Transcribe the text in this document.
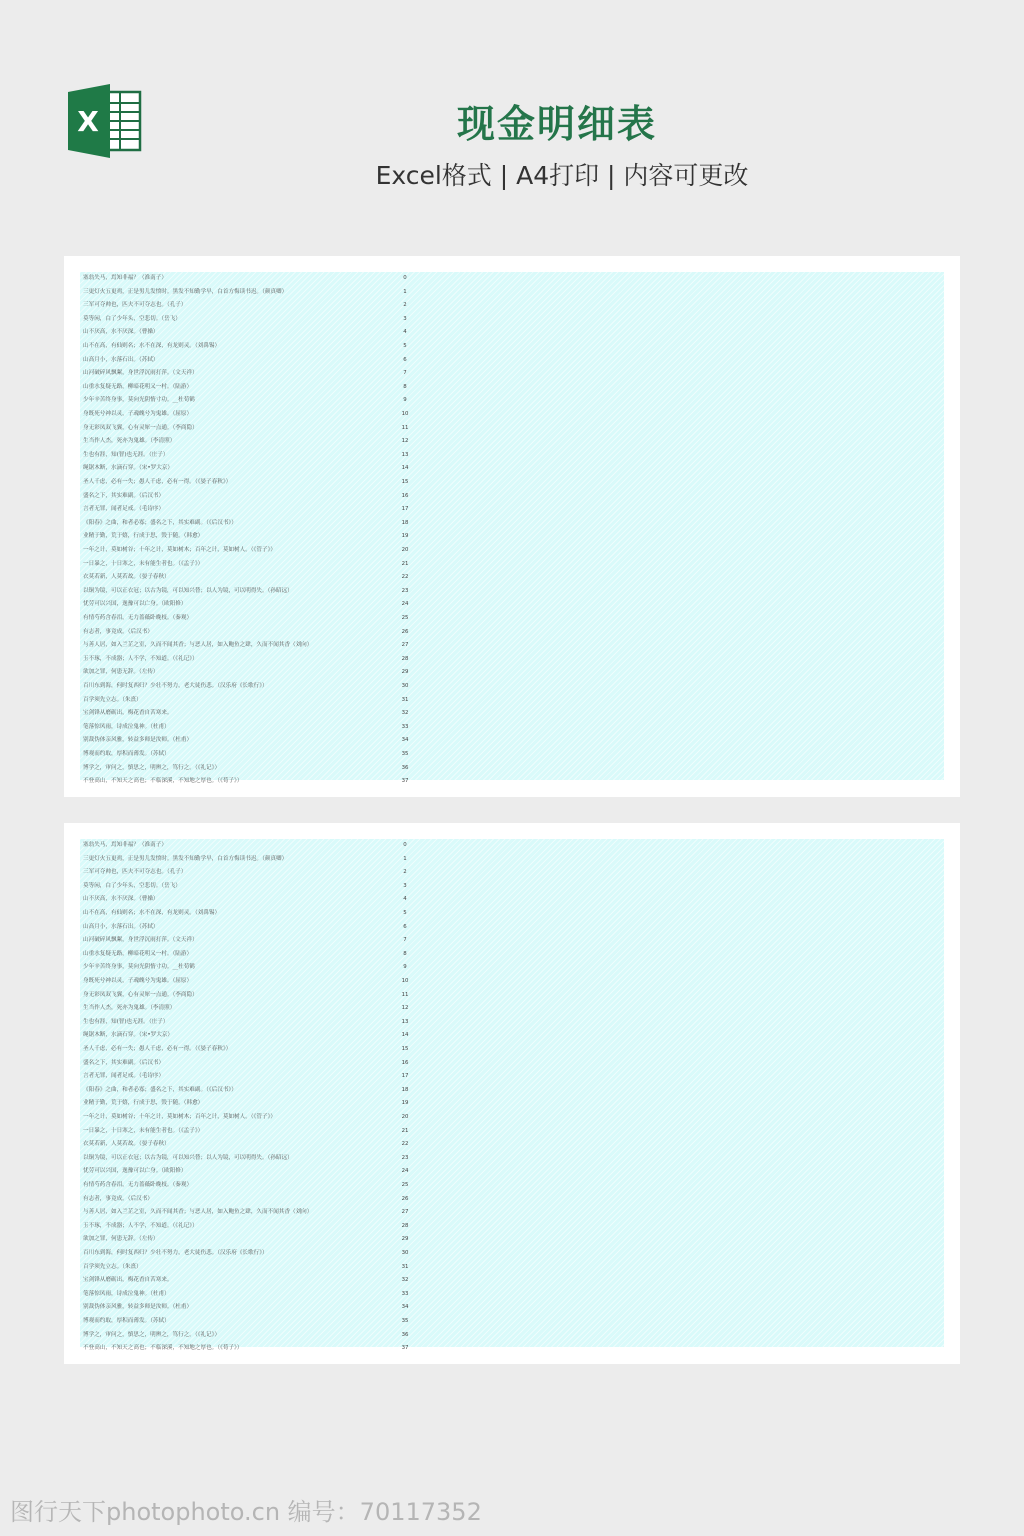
X	现金明细表
Excel格式 | A4打印 | 内容可更改
塞翁失马，焉知非福？（淮南子）	0
三更灯火五更鸡，正是男儿发愤时。黑发不知勤学早，白首方悔读书迟。（颜真卿）	1
三军可夺帅也，匹夫不可夺志也。（孔子）	2
莫等闲，白了少年头，空悲切。（岳飞）	3
山不厌高，水不厌深。（曹操）	4
山不在高，有仙则名；水不在深，有龙则灵。（刘禹锡）	5
山高月小，水落石出。（苏轼）	6
山河破碎风飘絮，身世浮沉雨打萍。（文天祥）	7
山重水复疑无路，柳暗花明又一村。（陆游）	8
少年辛苦终身事，莫向光阴惰寸功。__杜荀鹤	9
身既死兮神以灵，子魂魄兮为鬼雄。（屈原）	10
身无彩凤双飞翼，心有灵犀一点通。（李商隐）	11
生当作人杰，死亦为鬼雄。（李清照）	12
生也有涯，知(智)也无涯。（庄子）	13
绳锯木断，水滴石穿。（宋•罗大京）	14
圣人千虑，必有一失；愚人千虑，必有一得。（《晏子春秋》）	15
盛名之下，其实难副。（后汉书）	16
言者无罪，闻者足戒。（毛诗序）	17
《阳春》之曲，和者必寡；盛名之下，其实难副。（《后汉书》）	18
业精于勤，荒于嬉，行成于思，毁于随。（韩愈）	19
一年之计，莫如树谷；十年之计，莫如树木；百年之计，莫如树人。（《管子》）	20
一日暴之，十日寒之，未有能生者也。（《孟子》）	21
衣莫若新，人莫若故。（晏子春秋）	22
以铜为镜，可以正衣冠；以古为镜，可以知兴替；以人为镜，可以明得失。（孙昭远）	23
忧劳可以兴国，逸豫可以亡身。（欧阳修）	24
有情芍药含春泪，无力蔷薇卧晚枝。（秦观）	25
有志者，事竟成。（后汉书）	26
与善人居，如入兰芷之室，久而不闻其香；与恶人居，如入鲍鱼之肆，久而不闻其香（刘向）	27
玉不琢，不成器；人不学，不知道。（《礼记》）	28
欲加之罪，何患无辞。（左传）	29
百川东到海，何时复西归？少壮不努力，老大徒伤悲。（汉乐府《长歌行》）	30
百学须先立志。（朱熹）	31
宝剑锋从磨砺出，梅花香自苦寒来。	32
笔落惊风雨，诗成泣鬼神。（杜甫）	33
别裁伪体亲风雅，转益多师是汝师。（杜甫）	34
博观而约取，厚积而薄发。（苏轼）	35
博学之，审问之，慎思之，明辨之，笃行之。（《礼记》）	36
不登高山，不知天之高也；不临深溪，不知地之厚也。（《荀子》）	37
塞翁失马，焉知非福？（淮南子）	0
三更灯火五更鸡，正是男儿发愤时。黑发不知勤学早，白首方悔读书迟。（颜真卿）	1
三军可夺帅也，匹夫不可夺志也。（孔子）	2
莫等闲，白了少年头，空悲切。（岳飞）	3
山不厌高，水不厌深。（曹操）	4
山不在高，有仙则名；水不在深，有龙则灵。（刘禹锡）	5
山高月小，水落石出。（苏轼）	6
山河破碎风飘絮，身世浮沉雨打萍。（文天祥）	7
山重水复疑无路，柳暗花明又一村。（陆游）	8
少年辛苦终身事，莫向光阴惰寸功。__杜荀鹤	9
身既死兮神以灵，子魂魄兮为鬼雄。（屈原）	10
身无彩凤双飞翼，心有灵犀一点通。（李商隐）	11
生当作人杰，死亦为鬼雄。（李清照）	12
生也有涯，知(智)也无涯。（庄子）	13
绳锯木断，水滴石穿。（宋•罗大京）	14
圣人千虑，必有一失；愚人千虑，必有一得。（《晏子春秋》）	15
盛名之下，其实难副。（后汉书）	16
言者无罪，闻者足戒。（毛诗序）	17
《阳春》之曲，和者必寡；盛名之下，其实难副。（《后汉书》）	18
业精于勤，荒于嬉，行成于思，毁于随。（韩愈）	19
一年之计，莫如树谷；十年之计，莫如树木；百年之计，莫如树人。（《管子》）	20
一日暴之，十日寒之，未有能生者也。（《孟子》）	21
衣莫若新，人莫若故。（晏子春秋）	22
以铜为镜，可以正衣冠；以古为镜，可以知兴替；以人为镜，可以明得失。（孙昭远）	23
忧劳可以兴国，逸豫可以亡身。（欧阳修）	24
有情芍药含春泪，无力蔷薇卧晚枝。（秦观）	25
有志者，事竟成。（后汉书）	26
与善人居，如入兰芷之室，久而不闻其香；与恶人居，如入鲍鱼之肆，久而不闻其香（刘向）	27
玉不琢，不成器；人不学，不知道。（《礼记》）	28
欲加之罪，何患无辞。（左传）	29
百川东到海，何时复西归？少壮不努力，老大徒伤悲。（汉乐府《长歌行》）	30
百学须先立志。（朱熹）	31
宝剑锋从磨砺出，梅花香自苦寒来。	32
笔落惊风雨，诗成泣鬼神。（杜甫）	33
别裁伪体亲风雅，转益多师是汝师。（杜甫）	34
博观而约取，厚积而薄发。（苏轼）	35
博学之，审问之，慎思之，明辨之，笃行之。（《礼记》）	36
不登高山，不知天之高也；不临深溪，不知地之厚也。（《荀子》）	37
图行天下photophoto.cn 编号：70117352
